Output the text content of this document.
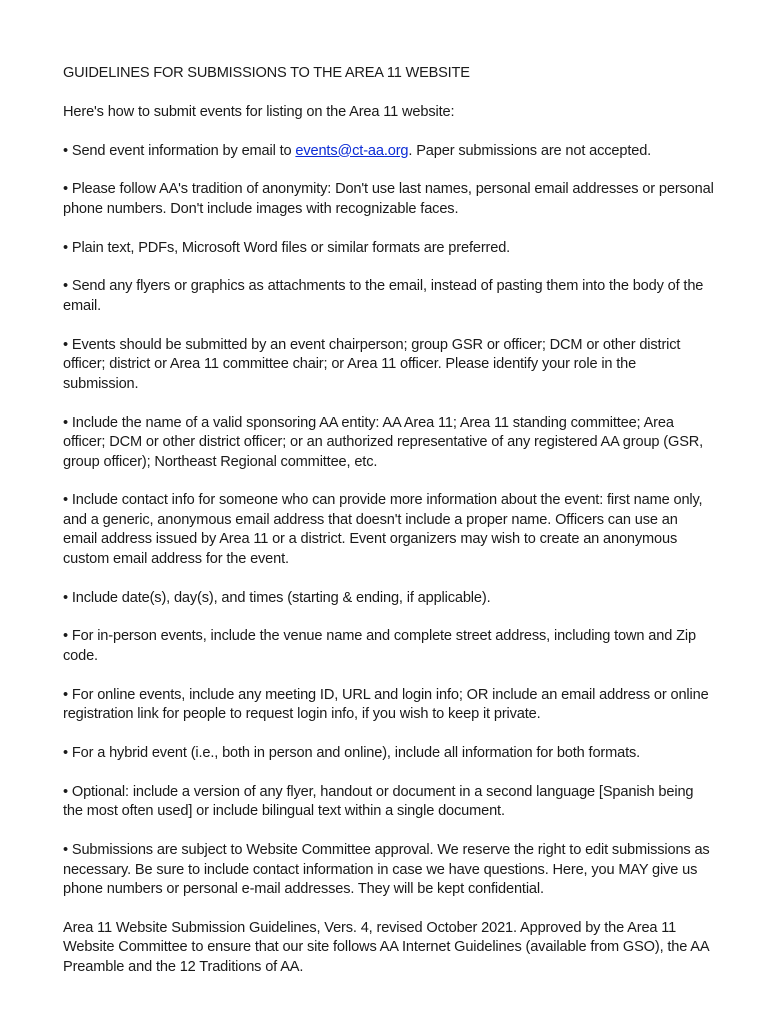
GUIDELINES FOR SUBMISSIONS TO THE AREA 11 WEBSITE

Here's how to submit events for listing on the Area 11 website:

• Send event information by email to events@ct-aa.org. Paper submissions are not accepted.

• Please follow AA's tradition of anonymity: Don't use last names, personal email addresses or personal phone numbers. Don't include images with recognizable faces.

• Plain text, PDFs, Microsoft Word files or similar formats are preferred.

• Send any flyers or graphics as attachments to the email, instead of pasting them into the body of the email.

• Events should be submitted by an event chairperson; group GSR or officer; DCM or other district officer; district or Area 11 committee chair; or Area 11 officer. Please identify your role in the submission.

• Include the name of a valid sponsoring AA entity: AA Area 11; Area 11 standing committee; Area officer; DCM or other district officer; or an authorized representative of any registered AA group (GSR, group officer); Northeast Regional committee, etc.

• Include contact info for someone who can provide more information about the event: first name only, and a generic, anonymous email address that doesn't include a proper name. Officers can use an email address issued by Area 11 or a district. Event organizers may wish to create an anonymous custom email address for the event.

• Include date(s), day(s), and times (starting & ending, if applicable).

• For in-person events, include the venue name and complete street address, including town and Zip code.

• For online events, include any meeting ID, URL and login info; OR include an email address or online registration link for people to request login info, if you wish to keep it private.

• For a hybrid event (i.e., both in person and online), include all information for both formats.

• Optional: include a version of any flyer, handout or document in a second language [Spanish being the most often used] or include bilingual text within a single document.

• Submissions are subject to Website Committee approval. We reserve the right to edit submissions as necessary. Be sure to include contact information in case we have questions. Here, you MAY give us phone numbers or personal e-mail addresses. They will be kept confidential.

Area 11 Website Submission Guidelines, Vers. 4, revised October 2021. Approved by the Area 11 Website Committee to ensure that our site follows AA Internet Guidelines (available from GSO), the AA Preamble and the 12 Traditions of AA.
